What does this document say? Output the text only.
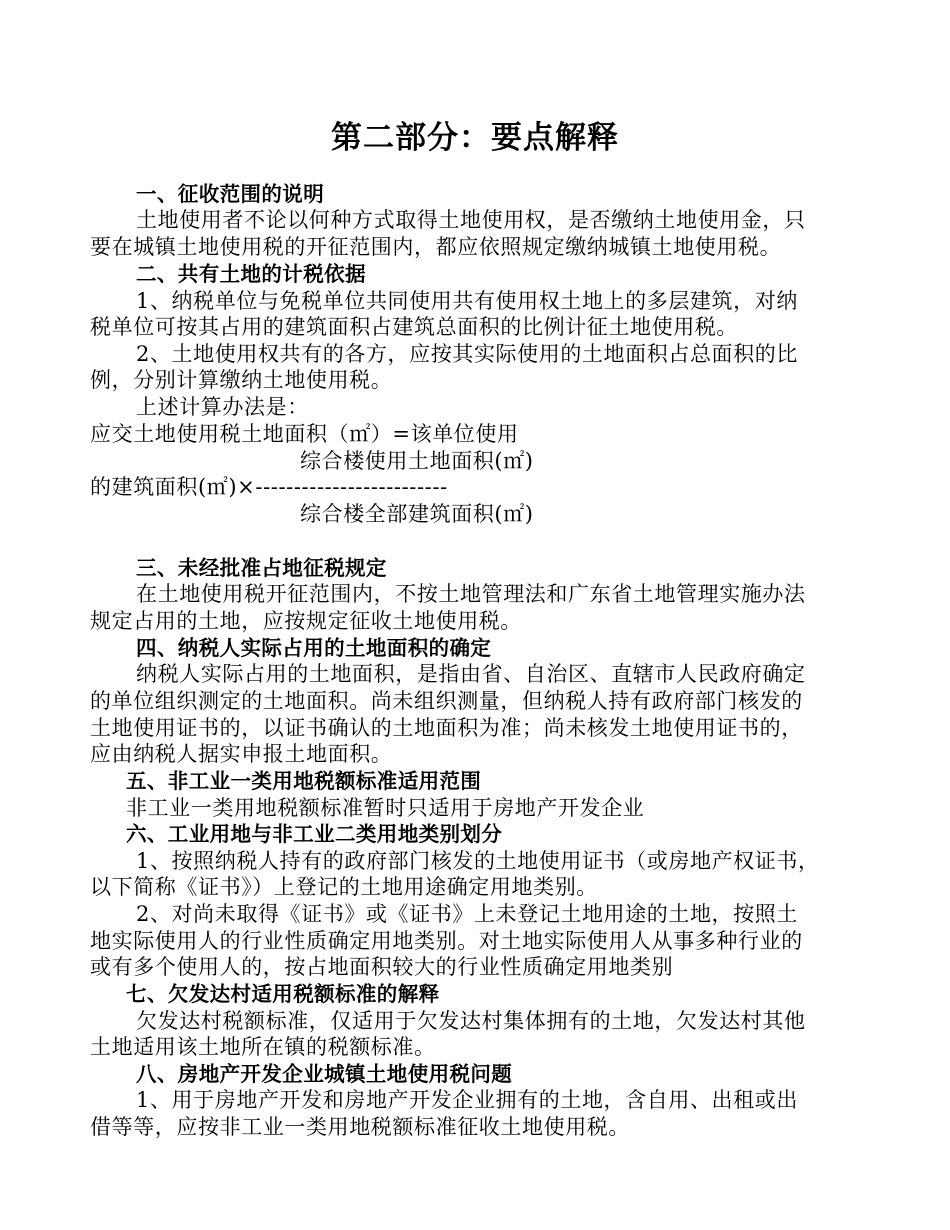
第二部分：要点解释
一、征收范围的说明
土地使用者不论以何种方式取得土地使用权，是否缴纳土地使用金，只
要在城镇土地使用税的开征范围内，都应依照规定缴纳城镇土地使用税。
二、共有土地的计税依据
1、纳税单位与免税单位共同使用共有使用权土地上的多层建筑，对纳
税单位可按其占用的建筑面积占建筑总面积的比例计征土地使用税。
2、土地使用权共有的各方，应按其实际使用的土地面积占总面积的比
例，分别计算缴纳土地使用税。
上述计算办法是：
应交土地使用税土地面积（㎡）=该单位使用
综合楼使用土地面积(㎡)
的建筑面积(㎡)×-------------------------
综合楼全部建筑面积(㎡)
三、未经批准占地征税规定
在土地使用税开征范围内，不按土地管理法和广东省土地管理实施办法
规定占用的土地，应按规定征收土地使用税。
四、纳税人实际占用的土地面积的确定
纳税人实际占用的土地面积，是指由省、自治区、直辖市人民政府确定
的单位组织测定的土地面积。尚未组织测量，但纳税人持有政府部门核发的
土地使用证书的，以证书确认的土地面积为准；尚未核发土地使用证书的，
应由纳税人据实申报土地面积。
五、非工业一类用地税额标准适用范围
非工业一类用地税额标准暂时只适用于房地产开发企业
六、工业用地与非工业二类用地类别划分
1、按照纳税人持有的政府部门核发的土地使用证书（或房地产权证书，
以下简称《证书》）上登记的土地用途确定用地类别。
2、对尚未取得《证书》或《证书》上未登记土地用途的土地，按照土
地实际使用人的行业性质确定用地类别。对土地实际使用人从事多种行业的
或有多个使用人的，按占地面积较大的行业性质确定用地类别
七、欠发达村适用税额标准的解释
欠发达村税额标准，仅适用于欠发达村集体拥有的土地，欠发达村其他
土地适用该土地所在镇的税额标准。
八、房地产开发企业城镇土地使用税问题
1、用于房地产开发和房地产开发企业拥有的土地，含自用、出租或出
借等等，应按非工业一类用地税额标准征收土地使用税。
